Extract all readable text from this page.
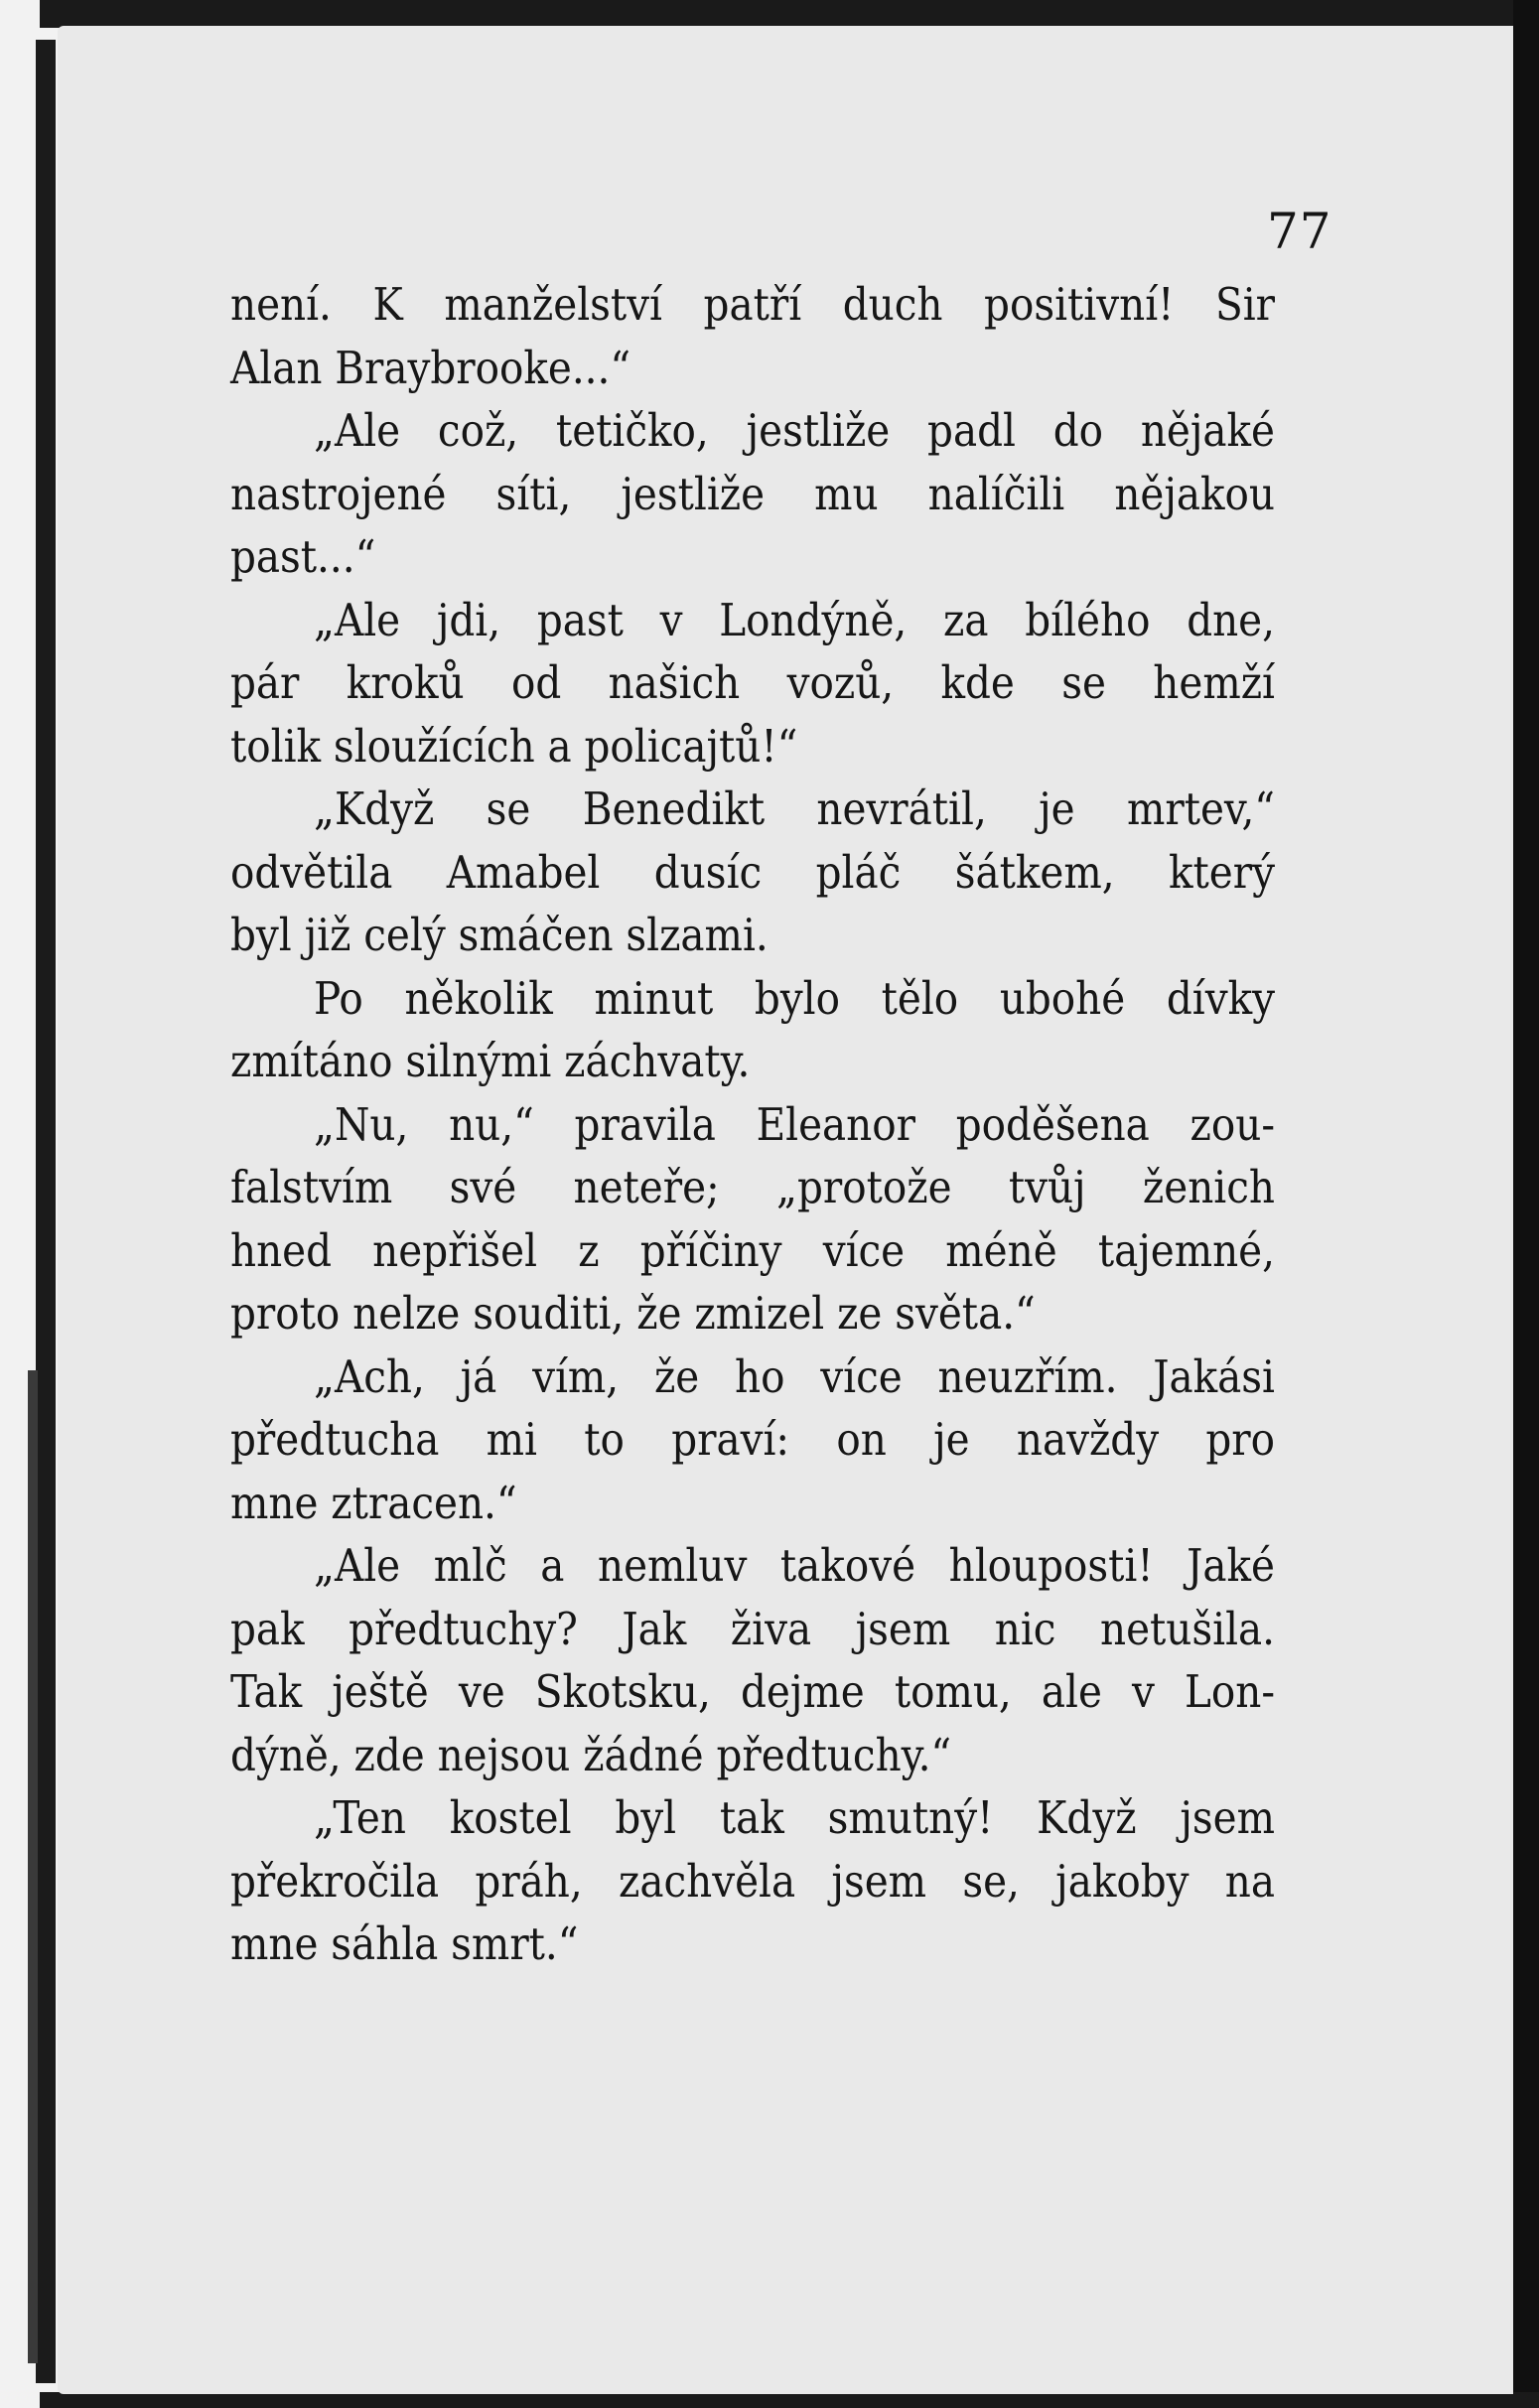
77
není. K manželství patří duch positivní! Sir
Alan Braybrooke...“
„Ale což, tetičko, jestliže padl do nějaké
nastrojené síti, jestliže mu nalíčili nějakou
past...“
„Ale jdi, past v Londýně, za bílého dne,
pár kroků od našich vozů, kde se hemží
tolik sloužících a policajtů!“
„Když se Benedikt nevrátil, je mrtev,“
odvětila Amabel dusíc pláč šátkem, který
byl již celý smáčen slzami.
Po několik minut bylo tělo ubohé dívky
zmítáno silnými záchvaty.
„Nu, nu,“ pravila Eleanor poděšena zou-
falstvím své neteře; „protože tvůj ženich
hned nepřišel z příčiny více méně tajemné,
proto nelze souditi, že zmizel ze světa.“
„Ach, já vím, že ho více neuzřím. Jakási
předtucha mi to praví: on je navždy pro
mne ztracen.“
„Ale mlč a nemluv takové hlouposti! Jaké
pak předtuchy? Jak živa jsem nic netušila.
Tak ještě ve Skotsku, dejme tomu, ale v Lon-
dýně, zde nejsou žádné předtuchy.“
„Ten kostel byl tak smutný! Když jsem
překročila práh, zachvěla jsem se, jakoby na
mne sáhla smrt.“
